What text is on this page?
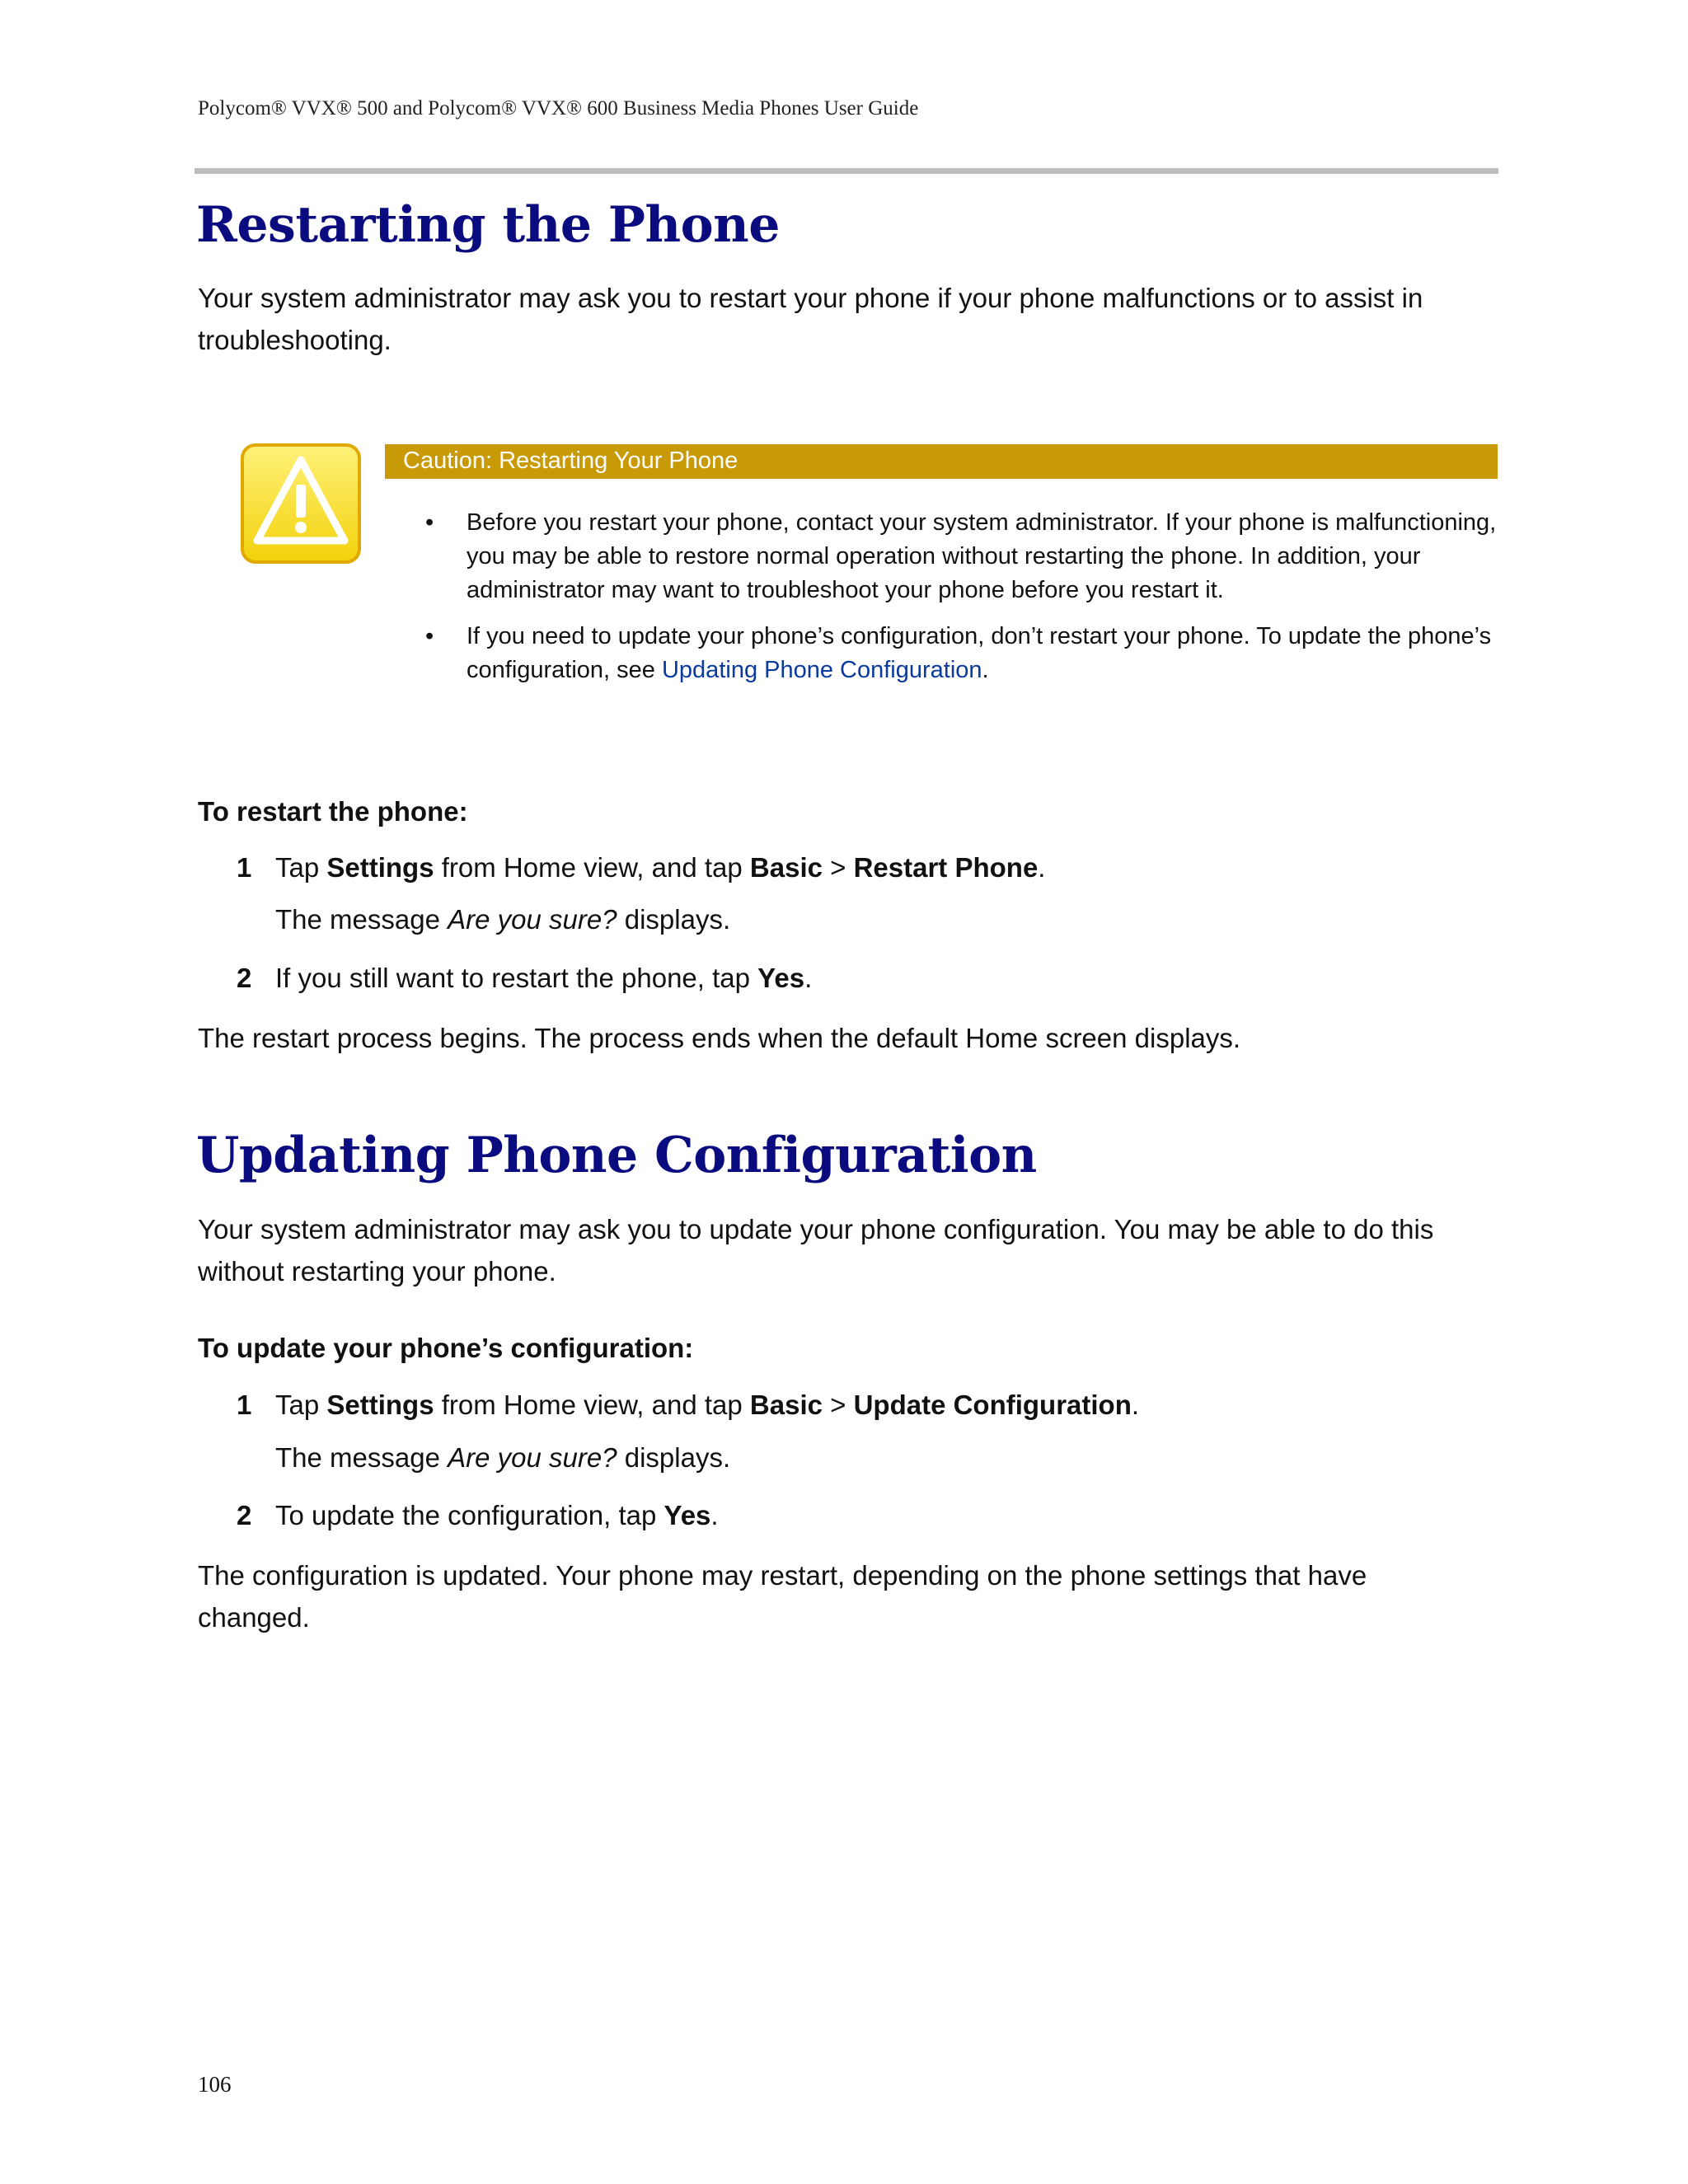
Polycom® VVX® 500 and Polycom® VVX® 600 Business Media Phones User Guide
Restarting the Phone

Your system administrator may ask you to restart your phone if your phone malfunctions or to assist in troubleshooting.

Caution: Restarting Your Phone
• Before you restart your phone, contact your system administrator. If your phone is malfunctioning, you may be able to restore normal operation without restarting the phone. In addition, your administrator may want to troubleshoot your phone before you restart it.
• If you need to update your phone’s configuration, don’t restart your phone. To update the phone’s configuration, see Updating Phone Configuration.
To restart the phone:
1 Tap Settings from Home view, and tap Basic > Restart Phone.
The message Are you sure? displays.
2 If you still want to restart the phone, tap Yes.

The restart process begins. The process ends when the default Home screen displays.

Updating Phone Configuration

Your system administrator may ask you to update your phone configuration. You may be able to do this without restarting your phone.

To update your phone’s configuration:
1 Tap Settings from Home view, and tap Basic > Update Configuration.
The message Are you sure? displays.
2 To update the configuration, tap Yes.

The configuration is updated. Your phone may restart, depending on the phone settings that have changed.

106
